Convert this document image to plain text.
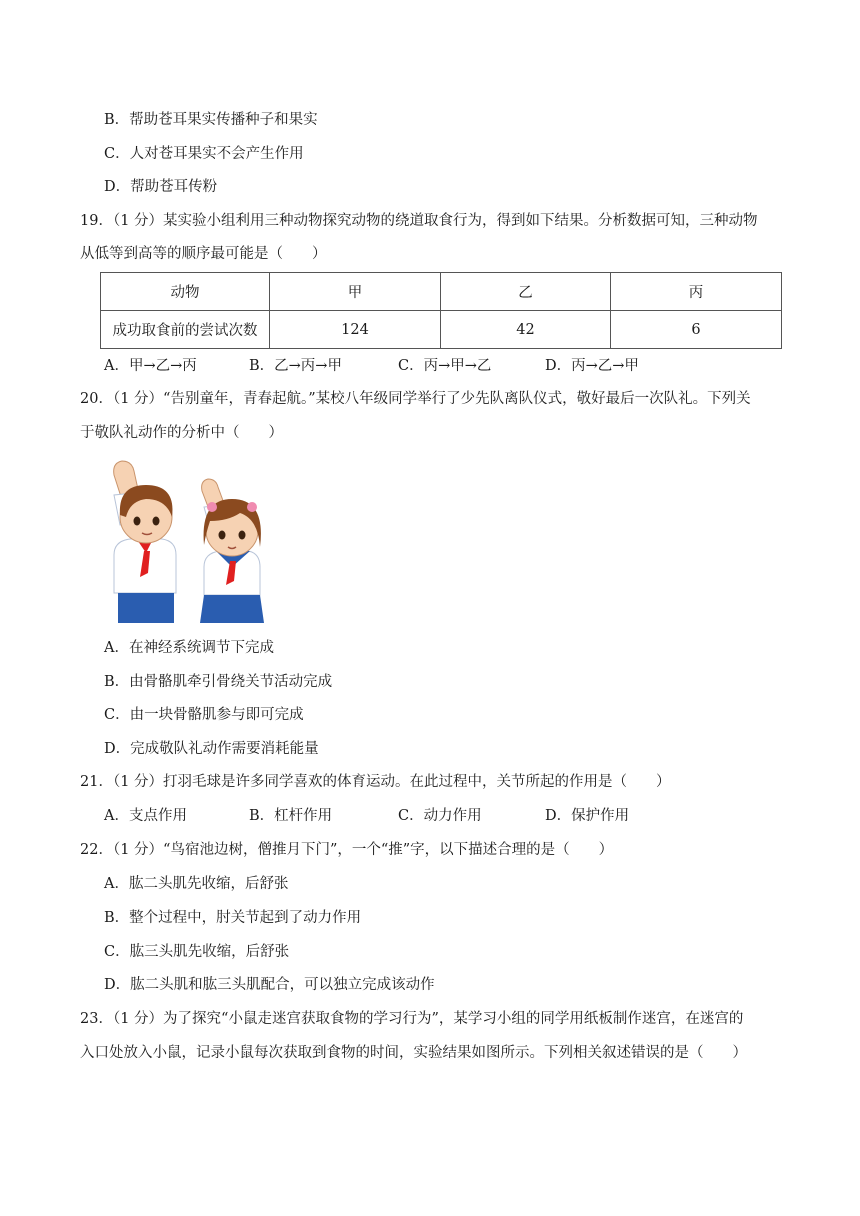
B．帮助苍耳果实传播种子和果实
C．人对苍耳果实不会产生作用
D．帮助苍耳传粉
19．（1 分）某实验小组利用三种动物探究动物的绕道取食行为，得到如下结果。分析数据可知，三种动物
从低等到高等的顺序最可能是（　　）
动物	甲	乙	丙
成功取食前的尝试次数	124	42	6
A．甲→乙→丙	B．乙→丙→甲	C．丙→甲→乙	D．丙→乙→甲
20．（1 分）“告别童年，青春起航。”某校八年级同学举行了少先队离队仪式，敬好最后一次队礼。下列关
于敬队礼动作的分析中（　　）
A．在神经系统调节下完成
B．由骨骼肌牵引骨绕关节活动完成
C．由一块骨骼肌参与即可完成
D．完成敬队礼动作需要消耗能量
21．（1 分）打羽毛球是许多同学喜欢的体育运动。在此过程中，关节所起的作用是（　　）
A．支点作用	B．杠杆作用	C．动力作用	D．保护作用
22．（1 分）“鸟宿池边树，僧推月下门”，一个“推”字，以下描述合理的是（　　）
A．肱二头肌先收缩，后舒张
B．整个过程中，肘关节起到了动力作用
C．肱三头肌先收缩，后舒张
D．肱二头肌和肱三头肌配合，可以独立完成该动作
23．（1 分）为了探究“小鼠走迷宫获取食物的学习行为”，某学习小组的同学用纸板制作迷宫，在迷宫的
入口处放入小鼠，记录小鼠每次获取到食物的时间，实验结果如图所示。下列相关叙述错误的是（　　）
